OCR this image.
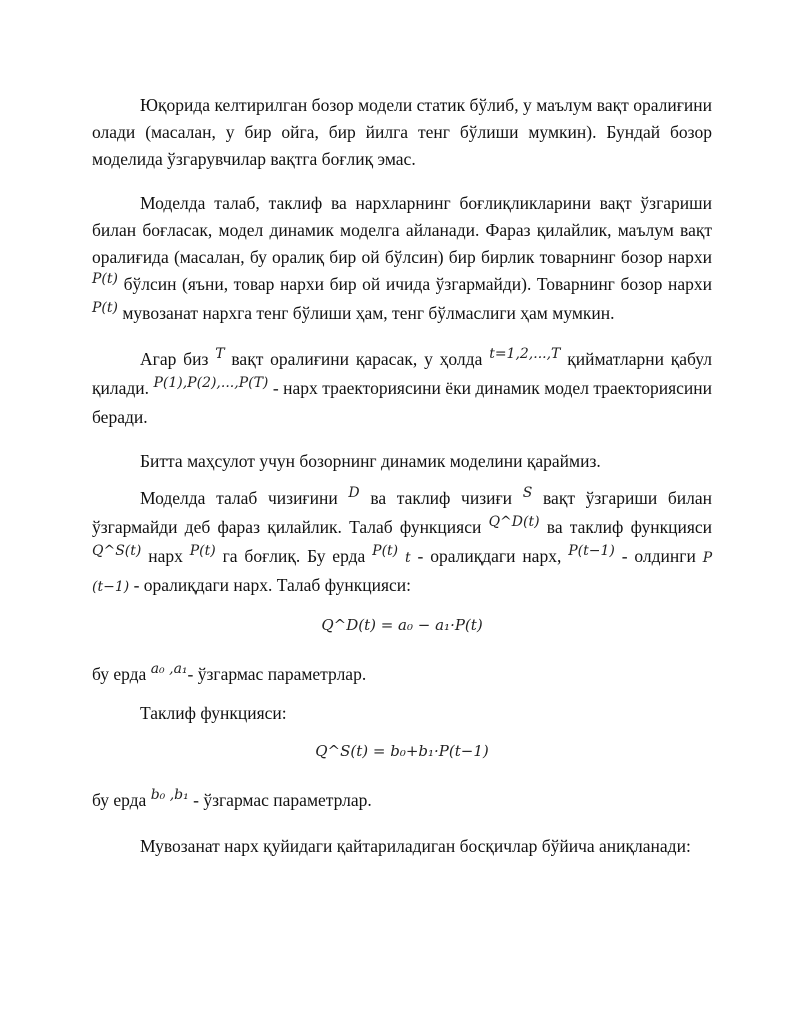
Юқорида келтирилган бозор модели статик бўлиб, у маълум вақт оралиғини олади (масалан, у бир ойга, бир йилга тенг бўлиши мумкин). Бундай бозор моделида ўзгарувчилар вақтга боғлиқ эмас.

Моделда талаб, таклиф ва нархларнинг боғлиқликларини вақт ўзгариши билан боғласак, модел динамик моделга айланади. Фараз қилайлик, маълум вақт оралиғида (масалан, бу оралиқ бир ой бўлсин) бир бирлик товарнинг бозор нархи $^{P(t)}$ бўлсин (яъни, товар нархи бир ой ичида ўзгармайди). Товарнинг бозор нархи $^{P(t)}$ мувозанат нархга тенг бўлиши ҳам, тенг бўлмаслиги ҳам мумкин.

Агар биз $^T$ вақт оралиғини қарасак, у ҳолда $^{t=1,2,...,T}$ қийматларни қабул қилади. $^{P(1),P(2),...,P(T)}$ - нарх траекториясини ёки динамик модел траекториясини беради.

Битта маҳсулот учун бозорнинг динамик моделини қараймиз.

Моделда талаб чизиғини $^D$ ва таклиф чизиғи $^S$ вақт ўзгариши билан ўзгармайди деб фараз қилайлик. Талаб функцияси $^{Q\^{}D(t)}$ ва таклиф функцияси $^{Q\^{}S(t)}$ нарх $^{P(t)}$ га боғлиқ. Бу ерда $^{P(t)}$ t - оралиқдаги нарх, $^{P(t-1)}$ - олдинги P (t−1) - оралиқдаги нарх. Талаб функцияси:

Q^D(t) = a₀ − a₁·P(t)

бу ерда $^{a_0 ,a_1}$- ўзгармас параметрлар.

Таклиф функцияси:

Q^S(t) = b₀+b₁·P(t−1)

бу ерда $^{b_0 ,b_1}$ - ўзгармас параметрлар.

Мувозанат нарх қуйидаги қайтариладиган босқичлар бўйича аниқланади:
